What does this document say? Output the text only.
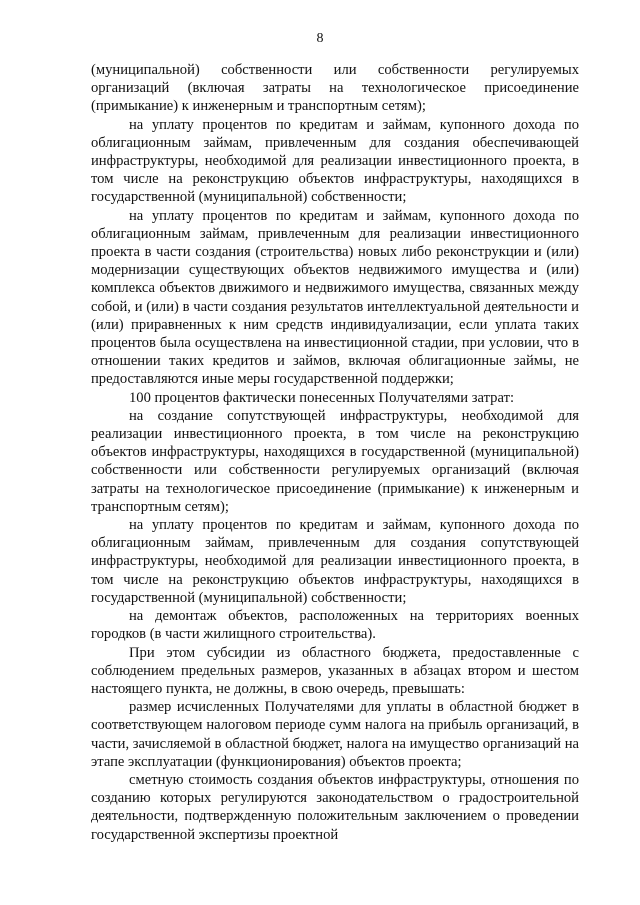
8

(муниципальной) собственности или собственности регулируемых организаций (включая затраты на технологическое присоединение (примыкание) к инженерным и транспортным сетям);

на уплату процентов по кредитам и займам, купонного дохода по облигационным займам, привлеченным для создания обеспечивающей инфраструктуры, необходимой для реализации инвестиционного проекта, в том числе на реконструкцию объектов инфраструктуры, находящихся в государственной (муниципальной) собственности;

на уплату процентов по кредитам и займам, купонного дохода по облигационным займам, привлеченным для реализации инвестиционного проекта в части создания (строительства) новых либо реконструкции и (или) модернизации существующих объектов недвижимого имущества и (или) комплекса объектов движимого и недвижимого имущества, связанных между собой, и (или) в части создания результатов интеллектуальной деятельности и (или) приравненных к ним средств индивидуализации, если уплата таких процентов была осуществлена на инвестиционной стадии, при условии, что в отношении таких кредитов и займов, включая облигационные займы, не предоставляются иные меры государственной поддержки;

100 процентов фактически понесенных Получателями затрат:

на создание сопутствующей инфраструктуры, необходимой для реализации инвестиционного проекта, в том числе на реконструкцию объектов инфраструктуры, находящихся в государственной (муниципальной) собственности или собственности регулируемых организаций (включая затраты на технологическое присоединение (примыкание) к инженерным и транспортным сетям);

на уплату процентов по кредитам и займам, купонного дохода по облигационным займам, привлеченным для создания сопутствующей инфраструктуры, необходимой для реализации инвестиционного проекта, в том числе на реконструкцию объектов инфраструктуры, находящихся в государственной (муниципальной) собственности;

на демонтаж объектов, расположенных на территориях военных городков (в части жилищного строительства).

При этом субсидии из областного бюджета, предоставленные с соблюдением предельных размеров, указанных в абзацах втором и шестом настоящего пункта, не должны, в свою очередь, превышать:

размер исчисленных Получателями для уплаты в областной бюджет в соответствующем налоговом периоде сумм налога на прибыль организаций, в части, зачисляемой в областной бюджет, налога на имущество организаций на этапе эксплуатации (функционирования) объектов проекта;

сметную стоимость создания объектов инфраструктуры, отношения по созданию которых регулируются законодательством о градостроительной деятельности, подтвержденную положительным заключением о проведении государственной экспертизы проектной
